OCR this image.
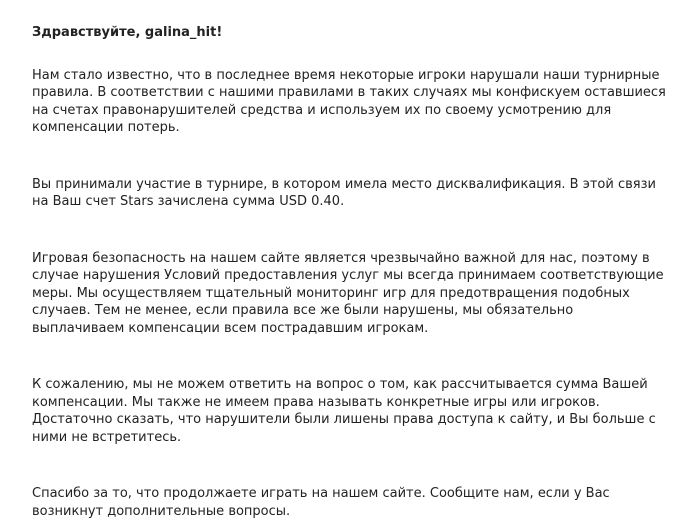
Здравствуйте, galina_hit!

Нам стало известно, что в последнее время некоторые игроки нарушали наши турнирные
правила. В соответствии с нашими правилами в таких случаях мы конфискуем оставшиеся
на счетах правонарушителей средства и используем их по своему усмотрению для
компенсации потерь.

Вы принимали участие в турнире, в котором имела место дисквалификация. В этой связи
на Ваш счет Stars зачислена сумма USD 0.40.

Игровая безопасность на нашем сайте является чрезвычайно важной для нас, поэтому в
случае нарушения Условий предоставления услуг мы всегда принимаем соответствующие
меры. Мы осуществляем тщательный мониторинг игр для предотвращения подобных
случаев. Тем не менее, если правила все же были нарушены, мы обязательно
выплачиваем компенсации всем пострадавшим игрокам.

К сожалению, мы не можем ответить на вопрос о том, как рассчитывается сумма Вашей
компенсации. Мы также не имеем права называть конкретные игры или игроков.
Достаточно сказать, что нарушители были лишены права доступа к сайту, и Вы больше с
ними не встретитесь.

Спасибо за то, что продолжаете играть на нашем сайте. Сообщите нам, если у Вас
возникнут дополнительные вопросы.
